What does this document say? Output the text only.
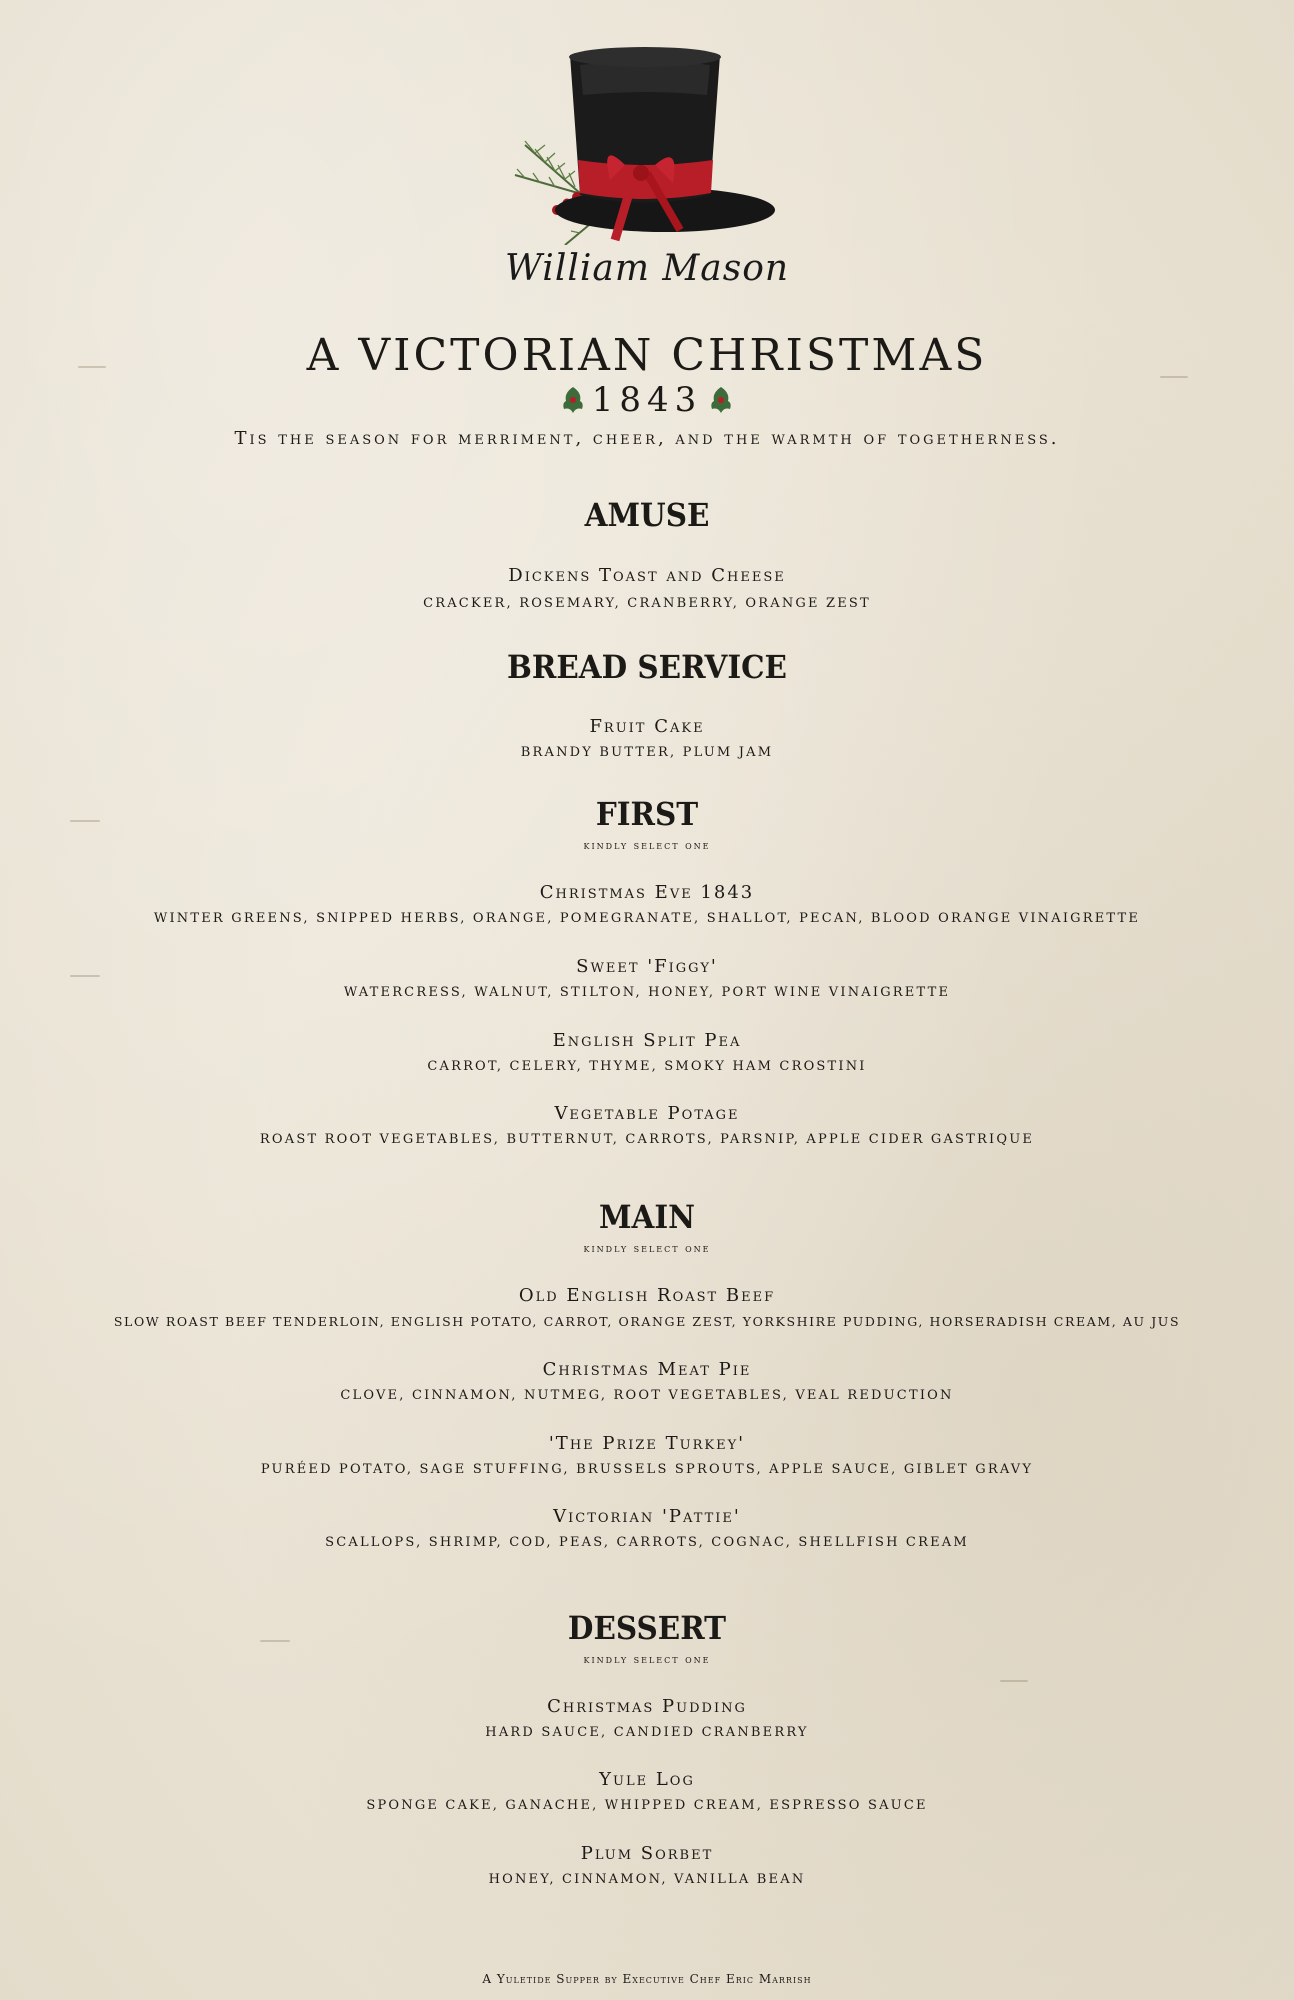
William Mason
A VICTORIAN CHRISTMAS
1843
Tis the season for merriment, cheer, and the warmth of togetherness.
AMUSE
Dickens Toast and Cheese
CRACKER, ROSEMARY, CRANBERRY, ORANGE ZEST
BREAD SERVICE
Fruit Cake
BRANDY BUTTER, PLUM JAM
FIRST
kindly select one
Christmas Eve 1843
WINTER GREENS, SNIPPED HERBS, ORANGE, POMEGRANATE, SHALLOT, PECAN, BLOOD ORANGE VINAIGRETTE
Sweet 'Figgy'
WATERCRESS, WALNUT, STILTON, HONEY, PORT WINE VINAIGRETTE
English Split Pea
CARROT, CELERY, THYME, SMOKY HAM CROSTINI
Vegetable Potage
ROAST ROOT VEGETABLES, BUTTERNUT, CARROTS, PARSNIP, APPLE CIDER GASTRIQUE
MAIN
kindly select one
Old English Roast Beef
SLOW ROAST BEEF TENDERLOIN, ENGLISH POTATO, CARROT, ORANGE ZEST, YORKSHIRE PUDDING, HORSERADISH CREAM, AU JUS
Christmas Meat Pie
CLOVE, CINNAMON, NUTMEG, ROOT VEGETABLES, VEAL REDUCTION
'The Prize Turkey'
PURÉED POTATO, SAGE STUFFING, BRUSSELS SPROUTS, APPLE SAUCE, GIBLET GRAVY
Victorian 'Pattie'
SCALLOPS, SHRIMP, COD, PEAS, CARROTS, COGNAC, SHELLFISH CREAM
DESSERT
kindly select one
Christmas Pudding
HARD SAUCE, CANDIED CRANBERRY
Yule Log
SPONGE CAKE, GANACHE, WHIPPED CREAM, ESPRESSO SAUCE
Plum Sorbet
HONEY, CINNAMON, VANILLA BEAN
A Yuletide Supper by Executive Chef Eric Marrish
